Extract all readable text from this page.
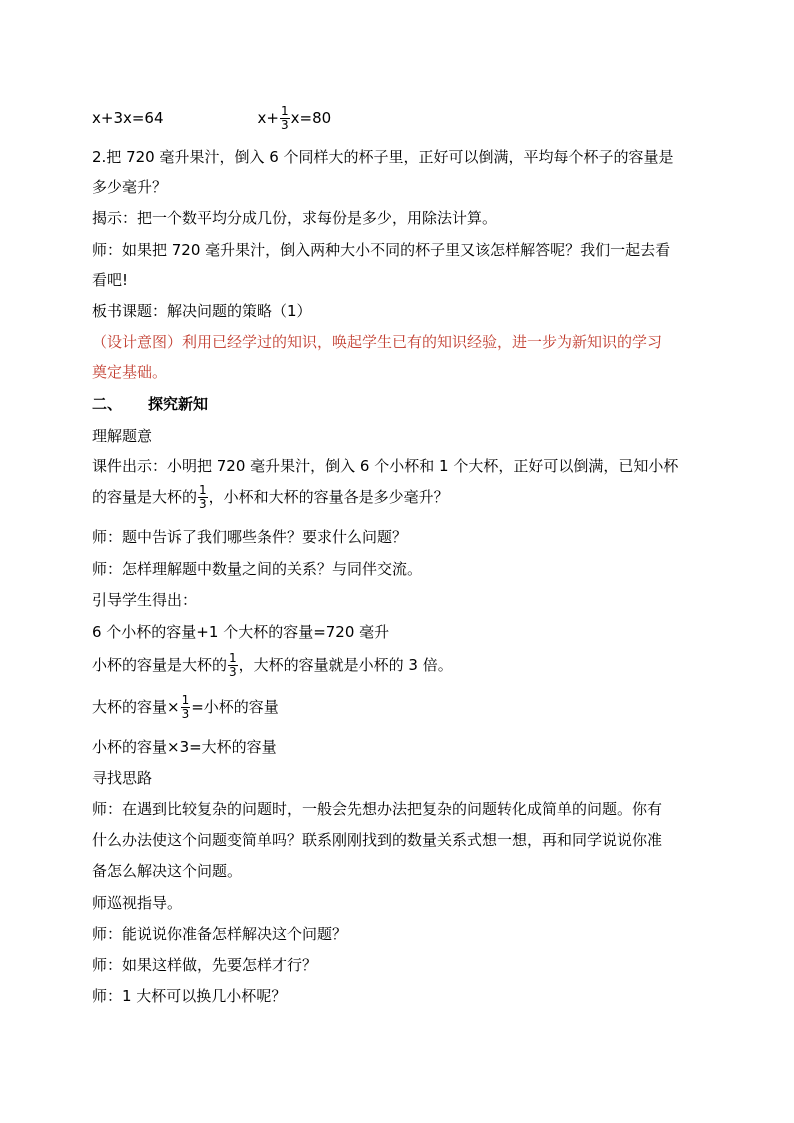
x+3x=64	$x+ \frac{1}{3} x=80$
2.把 720 毫升果汁，倒入 6 个同样大的杯子里，正好可以倒满，平均每个杯子的容量是
多少毫升？
揭示：把一个数平均分成几份，求每份是多少，用除法计算。
师：如果把 720 毫升果汁，倒入两种大小不同的杯子里又该怎样解答呢？我们一起去看
看吧!
板书课题：解决问题的策略（1）
（设计意图）利用已经学过的知识，唤起学生已有的知识经验，进一步为新知识的学习
奠定基础。
二、 探究新知
理解题意
课件出示：小明把 720 毫升果汁，倒入 6 个小杯和 1 个大杯，正好可以倒满，已知小杯
的容量是大杯的 $\frac{1}{3}$ ，小杯和大杯的容量各是多少毫升？
师：题中告诉了我们哪些条件？要求什么问题？
师：怎样理解题中数量之间的关系？与同伴交流。
引导学生得出：
6 个小杯的容量+1 个大杯的容量=720 毫升
小杯的容量是大杯的 $\frac{1}{3}$ ，大杯的容量就是小杯的 3 倍。
大杯的容量× $\frac{1}{3}$ =小杯的容量
小杯的容量×3=大杯的容量
寻找思路
师：在遇到比较复杂的问题时，一般会先想办法把复杂的问题转化成简单的问题。你有
什么办法使这个问题变简单吗？联系刚刚找到的数量关系式想一想，再和同学说说你准
备怎么解决这个问题。
师巡视指导。
师：能说说你准备怎样解决这个问题？
师：如果这样做，先要怎样才行？
师：1 大杯可以换几小杯呢？
